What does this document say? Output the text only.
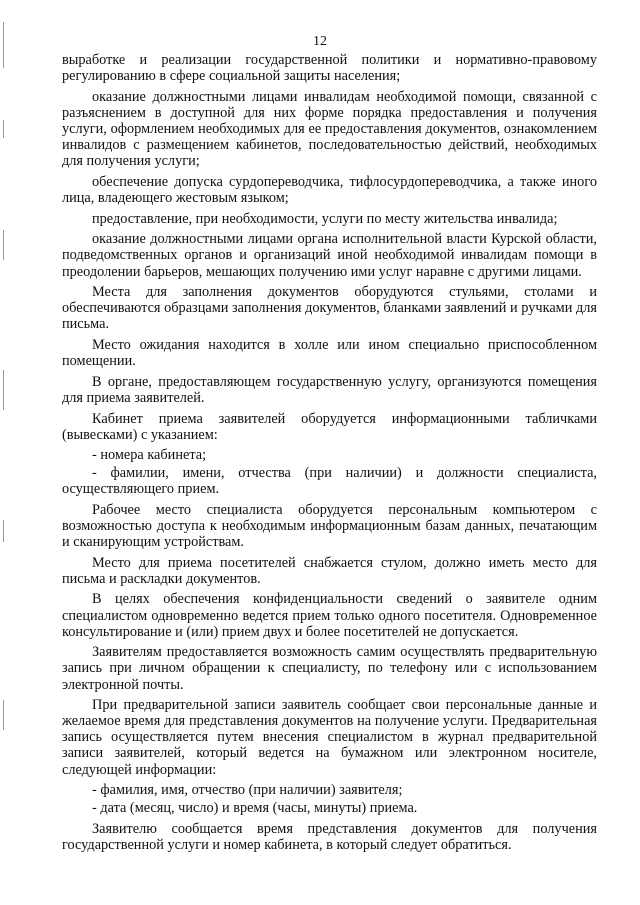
12

выработке и реализации государственной политики и нормативно-правовому регулированию в сфере социальной защиты населения;

оказание должностными лицами инвалидам необходимой помощи, связанной с разъяснением в доступной для них форме порядка предоставления и получения услуги, оформлением необходимых для ее предоставления документов, ознакомлением инвалидов с размещением кабинетов, последовательностью действий, необходимых для получения услуги;

обеспечение допуска сурдопереводчика, тифлосурдопереводчика, а также иного лица, владеющего жестовым языком;

предоставление, при необходимости, услуги по месту жительства инвалида;

оказание должностными лицами органа исполнительной власти Курской области, подведомственных органов и организаций иной необходимой инвалидам помощи в преодолении барьеров, мешающих получению ими услуг наравне с другими лицами.

Места для заполнения документов оборудуются стульями, столами и обеспечиваются образцами заполнения документов, бланками заявлений и ручками для письма.

Место ожидания находится в холле или ином специально приспособленном помещении.

В органе, предоставляющем государственную услугу, организуются помещения для приема заявителей.

Кабинет приема заявителей оборудуется информационными табличками (вывесками) с указанием:

- номера кабинета;

- фамилии, имени, отчества (при наличии) и должности специалиста, осуществляющего прием.

Рабочее место специалиста оборудуется персональным компьютером с возможностью доступа к необходимым информационным базам данных, печатающим и сканирующим устройствам.

Место для приема посетителей снабжается стулом, должно иметь место для письма и раскладки документов.

В целях обеспечения конфиденциальности сведений о заявителе одним специалистом одновременно ведется прием только одного посетителя. Одновременное консультирование и (или) прием двух и более посетителей не допускается.

Заявителям предоставляется возможность самим осуществлять предварительную запись при личном обращении к специалисту, по телефону или с использованием электронной почты.

При предварительной записи заявитель сообщает свои персональные данные и желаемое время для представления документов на получение услуги. Предварительная запись осуществляется путем внесения специалистом в журнал предварительной записи заявителей, который ведется на бумажном или электронном носителе, следующей информации:

- фамилия, имя, отчество (при наличии) заявителя;

- дата (месяц, число) и время (часы, минуты) приема.

Заявителю сообщается время представления документов для получения государственной услуги и номер кабинета, в который следует обратиться.
